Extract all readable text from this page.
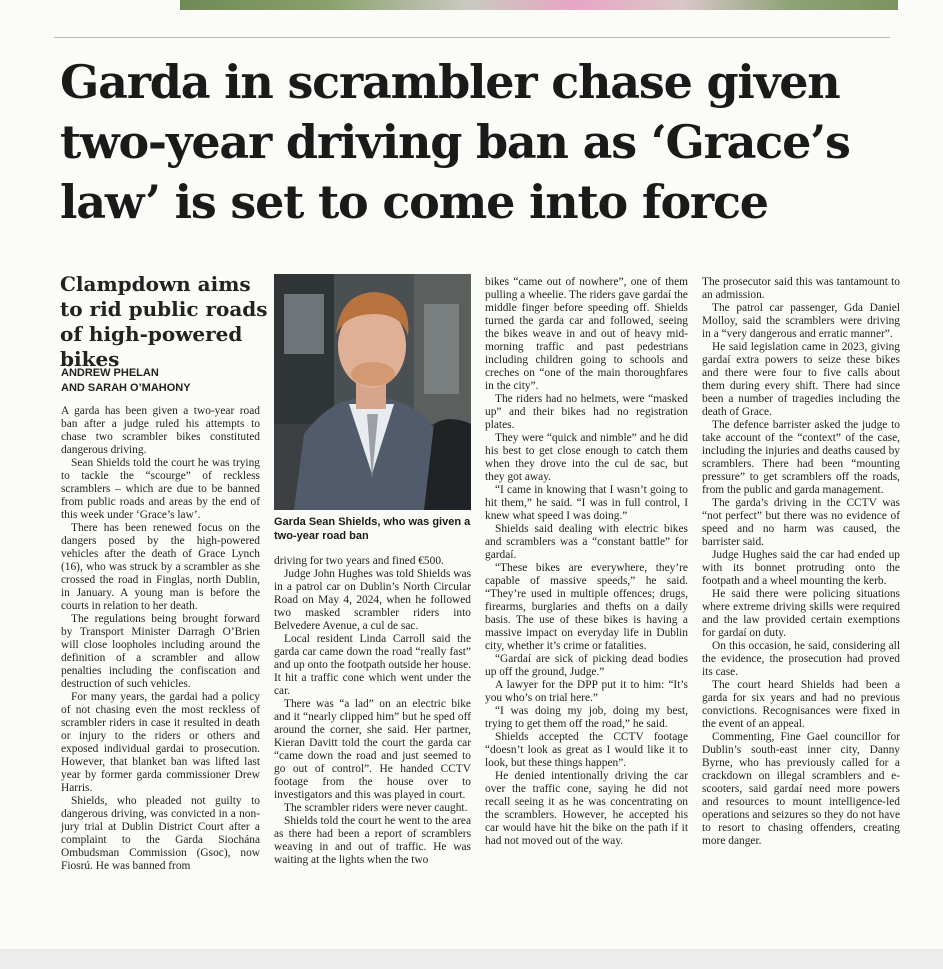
Garda in scrambler chase given two-year driving ban as ‘Grace’s law’ is set to come into force
Clampdown aims to rid public roads of high-powered bikes
ANDREW PHELAN
AND SARAH O’MAHONY

A garda has been given a two-year road ban after a judge ruled his attempts to chase two scrambler bikes constituted dangerous driving.

Sean Shields told the court he was trying to tackle the “scourge” of reckless scramblers – which are due to be banned from public roads and areas by the end of this week under ‘Grace’s law’.

There has been renewed focus on the dangers posed by the high-powered vehicles after the death of Grace Lynch (16), who was struck by a scrambler as she crossed the road in Finglas, north Dublin, in January. A young man is before the courts in relation to her death.

The regulations being brought forward by Transport Minister Darragh O’Brien will close loopholes including around the definition of a scrambler and allow penalties including the confiscation and destruction of such vehicles.

For many years, the gardai had a policy of not chasing even the most reckless of scrambler riders in case it resulted in death or injury to the riders or others and exposed individual gardai to prosecution. However, that blanket ban was lifted last year by former garda commissioner Drew Harris.

Shields, who pleaded not guilty to dangerous driving, was convicted in a non-jury trial at Dublin District Court after a complaint to the Garda Siochána Ombudsman Commission (Gsoc), now Fiosrú. He was banned from

Garda Sean Shields, who was given a two-year road ban

driving for two years and fined €500.

Judge John Hughes was told Shields was in a patrol car on Dublin’s North Circular Road on May 4, 2024, when he followed two masked scrambler riders into Belvedere Avenue, a cul de sac.

Local resident Linda Carroll said the garda car came down the road “really fast” and up onto the footpath outside her house. It hit a traffic cone which went under the car.

There was “a lad” on an electric bike and it “nearly clipped him” but he sped off around the corner, she said. Her partner, Kieran Davitt told the court the garda car “came down the road and just seemed to go out of control”. He handed CCTV footage from the house over to investigators and this was played in court.

The scrambler riders were never caught.

Shields told the court he went to the area as there had been a report of scramblers weaving in and out of traffic. He was waiting at the lights when the two

bikes “came out of nowhere”, one of them pulling a wheelie. The riders gave gardaí the middle finger before speeding off. Shields turned the garda car and followed, seeing the bikes weave in and out of heavy mid-morning traffic and past pedestrians including children going to schools and creches on “one of the main thoroughfares in the city”.

The riders had no helmets, were “masked up” and their bikes had no registration plates.

They were “quick and nimble” and he did his best to get close enough to catch them when they drove into the cul de sac, but they got away.

“I came in knowing that I wasn’t going to hit them,” he said. “I was in full control, I knew what speed I was doing.”

Shields said dealing with electric bikes and scramblers was a “constant battle” for gardaí.

“These bikes are everywhere, they’re capable of massive speeds,” he said. “They’re used in multiple offences; drugs, firearms, burglaries and thefts on a daily basis. The use of these bikes is having a massive impact on everyday life in Dublin city, whether it’s crime or fatalities.

“Gardaí are sick of picking dead bodies up off the ground, Judge.”

A lawyer for the DPP put it to him: “It’s you who’s on trial here.”

“I was doing my job, doing my best, trying to get them off the road,” he said.

Shields accepted the CCTV footage “doesn’t look as great as I would like it to look, but these things happen”.

He denied intentionally driving the car over the traffic cone, saying he did not recall seeing it as he was concentrating on the scramblers. However, he accepted his car would have hit the bike on the path if it had not moved out of the way.

The prosecutor said this was tantamount to an admission.

The patrol car passenger, Gda Daniel Molloy, said the scramblers were driving in a “very dangerous and erratic manner”.

He said legislation came in 2023, giving gardaí extra powers to seize these bikes and there were four to five calls about them during every shift. There had since been a number of tragedies including the death of Grace.

The defence barrister asked the judge to take account of the “context” of the case, including the injuries and deaths caused by scramblers. There had been “mounting pressure” to get scramblers off the roads, from the public and garda management.

The garda’s driving in the CCTV was “not perfect” but there was no evidence of speed and no harm was caused, the barrister said.

Judge Hughes said the car had ended up with its bonnet protruding onto the footpath and a wheel mounting the kerb.

He said there were policing situations where extreme driving skills were required and the law provided certain exemptions for gardaí on duty.

On this occasion, he said, considering all the evidence, the prosecution had proved its case.

The court heard Shields had been a garda for six years and had no previous convictions. Recognisances were fixed in the event of an appeal.

Commenting, Fine Gael councillor for Dublin’s south-east inner city, Danny Byrne, who has previously called for a crackdown on illegal scramblers and e-scooters, said gardaí need more powers and resources to mount intelligence-led operations and seizures so they do not have to resort to chasing offenders, creating more danger.
